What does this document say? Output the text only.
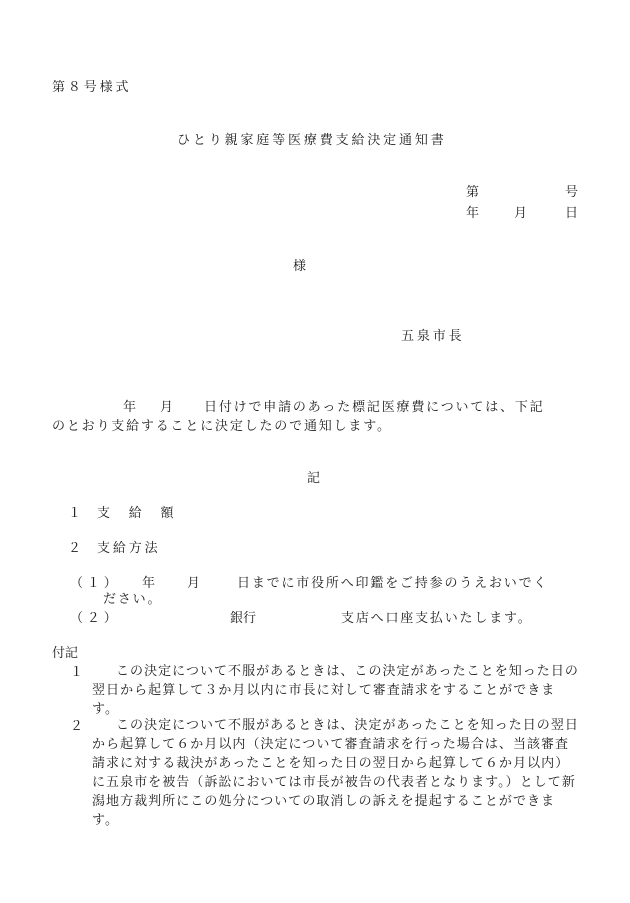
第８号様式
ひとり親家庭等医療費支給決定通知書
第	号
年	月	日
様
五泉市長
年 月 日付けで申請のあった標記医療費については、下記
のとおり支給することに決定したので通知します。
記
１ 支　給　額
２ 支給方法
（１） 年 月	日までに市役所へ印鑑をご持参のうえおいでく
ださい。
（２）	銀行	支店へ口座支払いたします。
付記
１	この決定について不服があるときは、この決定があったことを知った日の翌日から起算して３か月以内に市長に対して審査請求をすることができます。
２	この決定について不服があるときは、決定があったことを知った日の翌日から起算して６か月以内（決定について審査請求を行った場合は、当該審査請求に対する裁決があったことを知った日の翌日から起算して６か月以内）に五泉市を被告（訴訟においては市長が被告の代表者となります。）として新潟地方裁判所にこの処分についての取消しの訴えを提起することができます。
